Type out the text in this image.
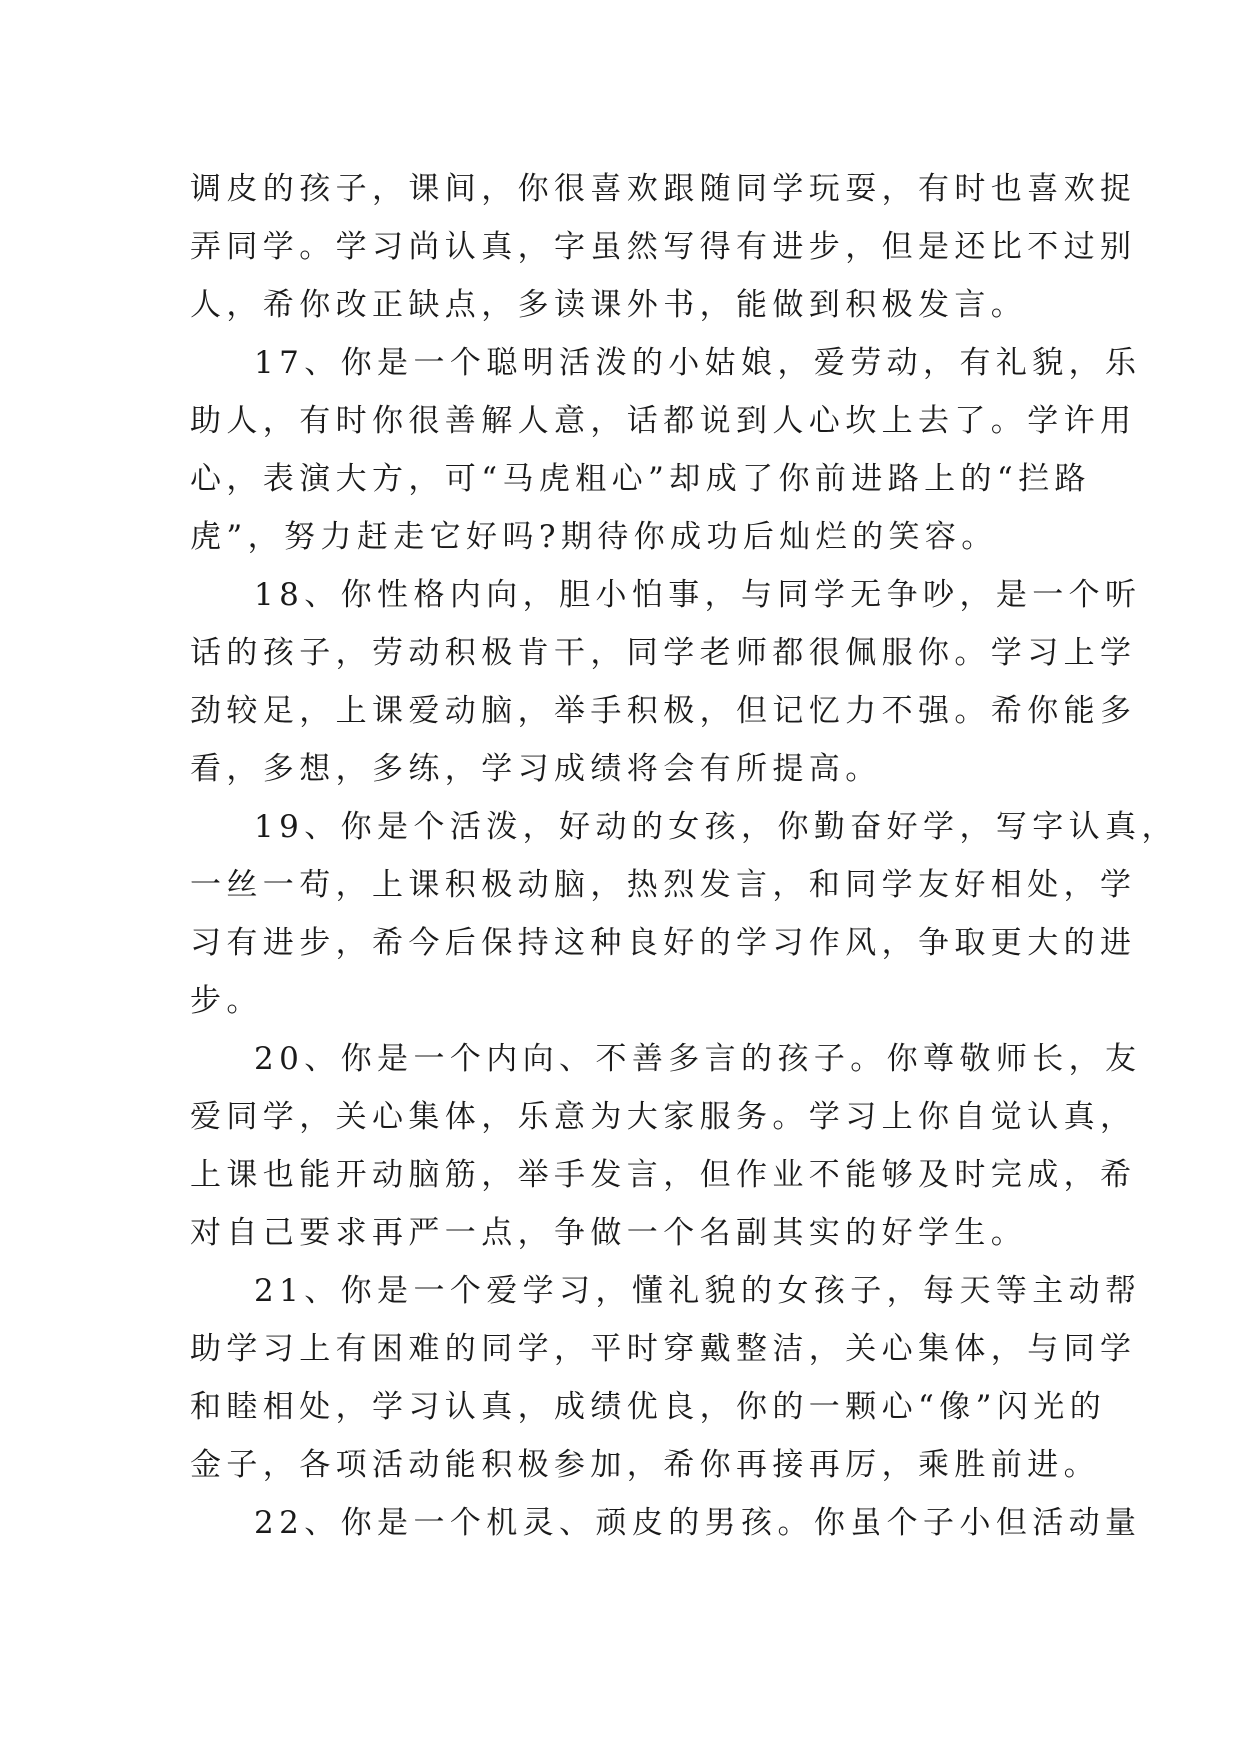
调皮的孩子，课间，你很喜欢跟随同学玩耍，有时也喜欢捉
弄同学。学习尚认真，字虽然写得有进步，但是还比不过别
人，希你改正缺点，多读课外书，能做到积极发言。
17、你是一个聪明活泼的小姑娘，爱劳动，有礼貌，乐
助人，有时你很善解人意，话都说到人心坎上去了。学许用
心，表演大方，可“马虎粗心”却成了你前进路上的“拦路
虎”，努力赶走它好吗?期待你成功后灿烂的笑容。
18、你性格内向，胆小怕事，与同学无争吵，是一个听
话的孩子，劳动积极肯干，同学老师都很佩服你。学习上学
劲较足，上课爱动脑，举手积极，但记忆力不强。希你能多
看，多想，多练，学习成绩将会有所提高。
19、你是个活泼，好动的女孩，你勤奋好学，写字认真，
一丝一苟，上课积极动脑，热烈发言，和同学友好相处，学
习有进步，希今后保持这种良好的学习作风，争取更大的进
步。
20、你是一个内向、不善多言的孩子。你尊敬师长，友
爱同学，关心集体，乐意为大家服务。学习上你自觉认真，
上课也能开动脑筋，举手发言，但作业不能够及时完成，希
对自己要求再严一点，争做一个名副其实的好学生。
21、你是一个爱学习，懂礼貌的女孩子，每天等主动帮
助学习上有困难的同学，平时穿戴整洁，关心集体，与同学
和睦相处，学习认真，成绩优良，你的一颗心“像”闪光的
金子，各项活动能积极参加，希你再接再厉，乘胜前进。
22、你是一个机灵、顽皮的男孩。你虽个子小但活动量
